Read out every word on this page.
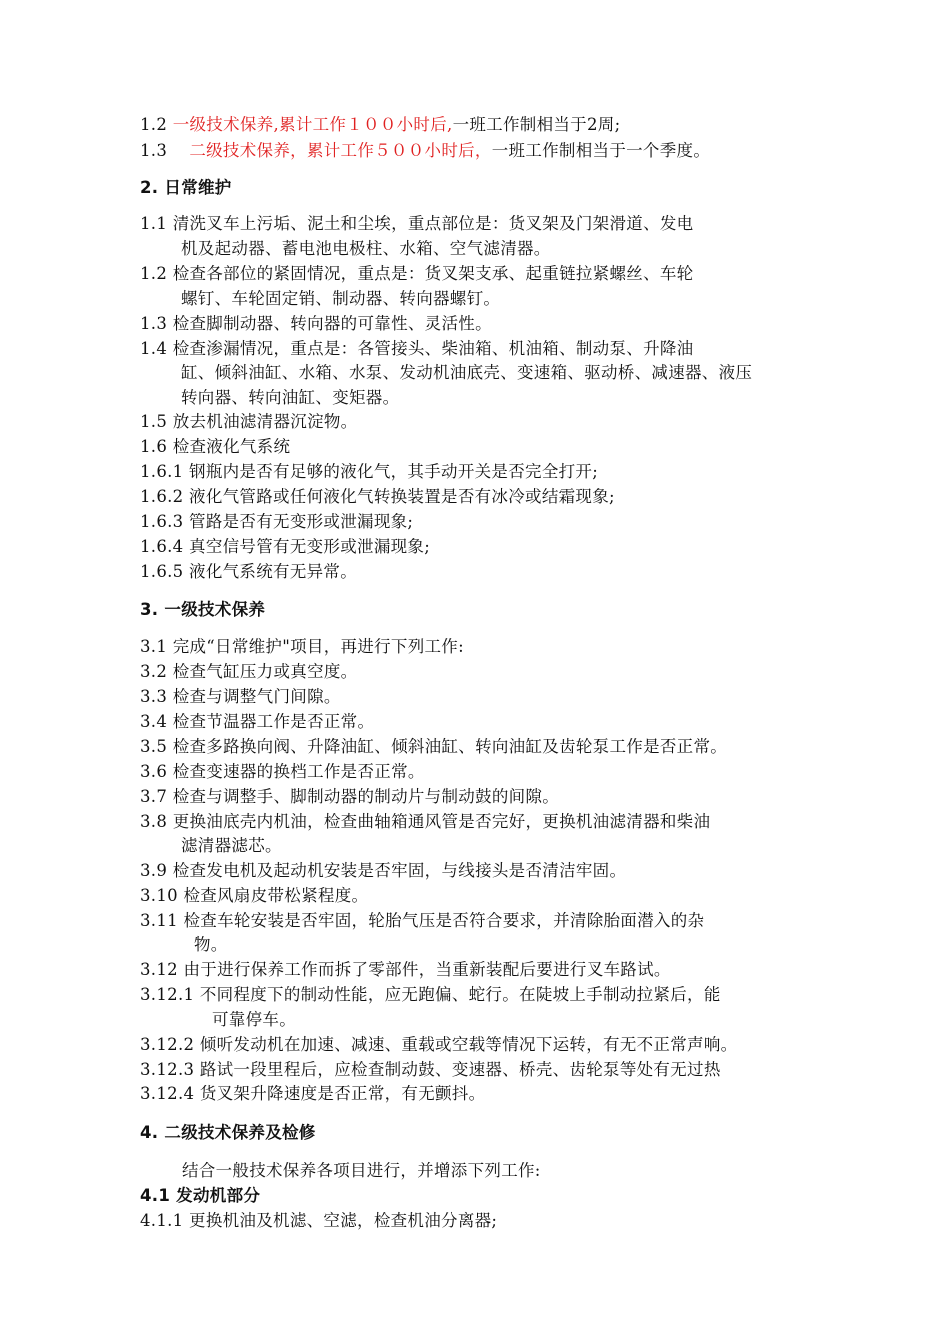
1.2 一级技术保养,累计工作１００小时后,一班工作制相当于2周;
1.3 二级技术保养，累计工作５００小时后，一班工作制相当于一个季度。
2. 日常维护
1.1 清洗叉车上污垢、泥土和尘埃，重点部位是：货叉架及门架滑道、发电
机及起动器、蓄电池电极柱、水箱、空气滤清器。
1.2 检查各部位的紧固情况，重点是：货叉架支承、起重链拉紧螺丝、车轮
螺钉、车轮固定销、制动器、转向器螺钉。
1.3 检查脚制动器、转向器的可靠性、灵活性。
1.4 检查渗漏情况，重点是：各管接头、柴油箱、机油箱、制动泵、升降油
缸、倾斜油缸、水箱、水泵、发动机油底壳、变速箱、驱动桥、减速器、液压
转向器、转向油缸、变矩器。
1.5 放去机油滤清器沉淀物。
1.6 检查液化气系统
1.6.1 钢瓶内是否有足够的液化气，其手动开关是否完全打开;
1.6.2 液化气管路或任何液化气转换装置是否有冰冷或结霜现象;
1.6.3 管路是否有无变形或泄漏现象;
1.6.4 真空信号管有无变形或泄漏现象;
1.6.5 液化气系统有无异常。
3. 一级技术保养
3.1 完成“日常维护"项目，再进行下列工作:
3.2 检查气缸压力或真空度。
3.3 检查与调整气门间隙。
3.4 检查节温器工作是否正常。
3.5 检查多路换向阀、升降油缸、倾斜油缸、转向油缸及齿轮泵工作是否正常。
3.6 检查变速器的换档工作是否正常。
3.7 检查与调整手、脚制动器的制动片与制动鼓的间隙。
3.8 更换油底壳内机油，检查曲轴箱通风管是否完好，更换机油滤清器和柴油
滤清器滤芯。
3.9 检查发电机及起动机安装是否牢固，与线接头是否清洁牢固。
3.10 检查风扇皮带松紧程度。
3.11 检查车轮安装是否牢固，轮胎气压是否符合要求，并清除胎面潜入的杂
物。
3.12 由于进行保养工作而拆了零部件，当重新装配后要进行叉车路试。
3.12.1 不同程度下的制动性能，应无跑偏、蛇行。在陡坡上手制动拉紧后，能
可靠停车。
3.12.2 倾听发动机在加速、减速、重载或空载等情况下运转，有无不正常声响。
3.12.3 路试一段里程后，应检查制动鼓、变速器、桥壳、齿轮泵等处有无过热
3.12.4 货叉架升降速度是否正常，有无颤抖。
4. 二级技术保养及检修
结合一般技术保养各项目进行，并增添下列工作:
4.1 发动机部分
4.1.1 更换机油及机滤、空滤，检查机油分离器;
